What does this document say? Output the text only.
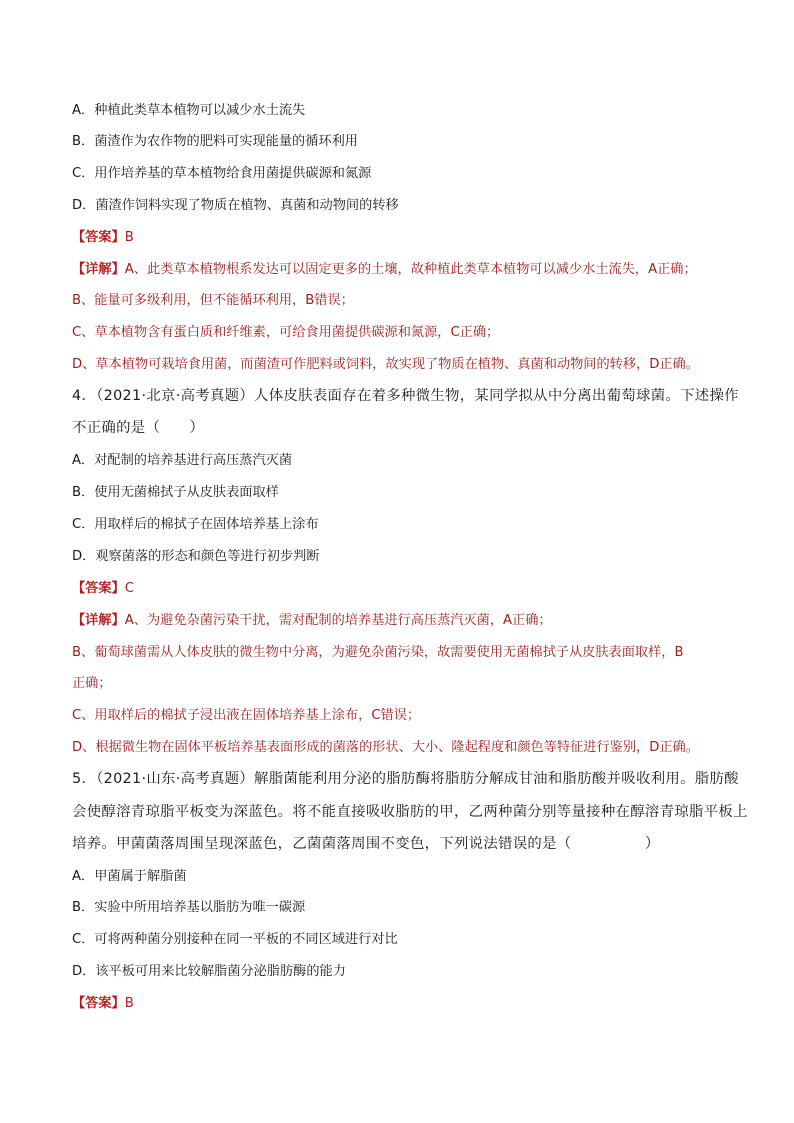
A．种植此类草本植物可以减少水土流失
B．菌渣作为农作物的肥料可实现能量的循环利用
C．用作培养基的草本植物给食用菌提供碳源和氮源
D．菌渣作饲料实现了物质在植物、真菌和动物间的转移
【答案】B
【详解】A、此类草本植物根系发达可以固定更多的土壤，故种植此类草本植物可以减少水土流失，A正确；
B、能量可多级利用，但不能循环利用，B错误；
C、草本植物含有蛋白质和纤维素，可给食用菌提供碳源和氮源，C正确；
D、草本植物可栽培食用菌，而菌渣可作肥料或饲料，故实现了物质在植物、真菌和动物间的转移，D正确。
4．（2021·北京·高考真题）人体皮肤表面存在着多种微生物，某同学拟从中分离出葡萄球菌。下述操作
不正确的是（　　）
A．对配制的培养基进行高压蒸汽灭菌
B．使用无菌棉拭子从皮肤表面取样
C．用取样后的棉拭子在固体培养基上涂布
D．观察菌落的形态和颜色等进行初步判断
【答案】C
【详解】A、为避免杂菌污染干扰，需对配制的培养基进行高压蒸汽灭菌，A正确；
B、葡萄球菌需从人体皮肤的微生物中分离，为避免杂菌污染，故需要使用无菌棉拭子从皮肤表面取样，B
正确；
C、用取样后的棉拭子浸出液在固体培养基上涂布，C错误；
D、根据微生物在固体平板培养基表面形成的菌落的形状、大小、隆起程度和颜色等特征进行鉴别，D正确。
5．（2021·山东·高考真题）解脂菌能利用分泌的脂肪酶将脂肪分解成甘油和脂肪酸并吸收利用。脂肪酸
会使醇溶青琼脂平板变为深蓝色。将不能直接吸收脂肪的甲，乙两种菌分别等量接种在醇溶青琼脂平板上
培养。甲菌菌落周围呈现深蓝色，乙菌菌落周围不变色，下列说法错误的是（　　　　　）
A．甲菌属于解脂菌
B．实验中所用培养基以脂肪为唯一碳源
C．可将两种菌分别接种在同一平板的不同区域进行对比
D．该平板可用来比较解脂菌分泌脂肪酶的能力
【答案】B
